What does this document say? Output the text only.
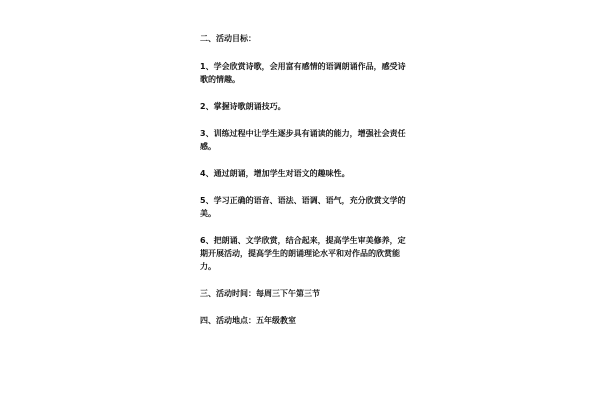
二、活动目标：

1、学会欣赏诗歌，会用富有感情的语调朗诵作品，感受诗歌的情趣。

2、掌握诗歌朗诵技巧。

3、训练过程中让学生逐步具有诵读的能力，增强社会责任感。

4、通过朗诵，增加学生对语文的趣味性。

5、学习正确的语音、语法、语调、语气，充分欣赏文学的美。

6、把朗诵、文学欣赏，结合起来，提高学生审美修养，定期开展活动，提高学生的朗诵理论水平和对作品的欣赏能力。

三、活动时间：每周三下午第三节

四、活动地点：五年级教室
